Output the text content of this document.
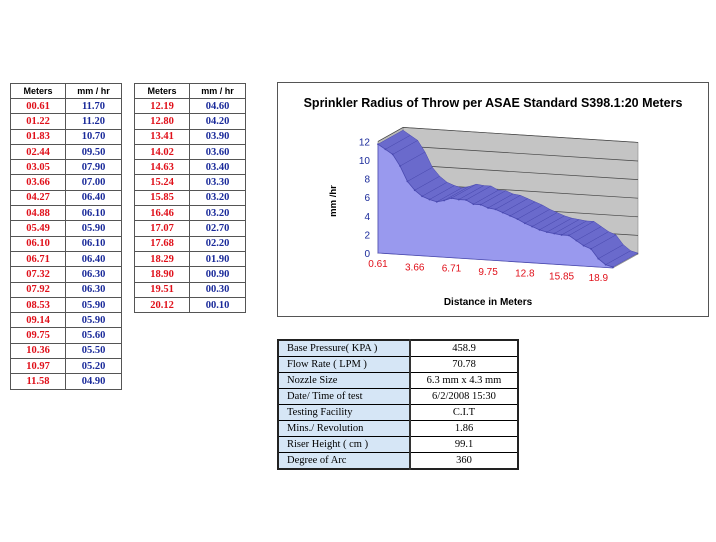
Meters	mm / hr
00.61	11.70
01.22	11.20
01.83	10.70
02.44	09.50
03.05	07.90
03.66	07.00
04.27	06.40
04.88	06.10
05.49	05.90
06.10	06.10
06.71	06.40
07.32	06.30
07.92	06.30
08.53	05.90
09.14	05.90
09.75	05.60
10.36	05.50
10.97	05.20
11.58	04.90
Meters	mm / hr
12.19	04.60
12.80	04.20
13.41	03.90
14.02	03.60
14.63	03.40
15.24	03.30
15.85	03.20
16.46	03.20
17.07	02.70
17.68	02.20
18.29	01.90
18.90	00.90
19.51	00.30
20.12	00.10
0
2
4
6
8
10
12
0.61 3.66 6.71 9.75 12.8 15.85 18.9
Sprinkler Radius of Throw per ASAE Standard S398.1:20 Meters
Distance in Meters
mm /hr
Base Pressure( KPA )	458.9
Flow Rate ( LPM )	70.78
Nozzle Size	6.3 mm x 4.3 mm
Date/ Time of test	6/2/2008 15:30
Testing Facility	C.I.T
Mins./ Revolution	1.86
Riser Height ( cm )	99.1
Degree of Arc	360
